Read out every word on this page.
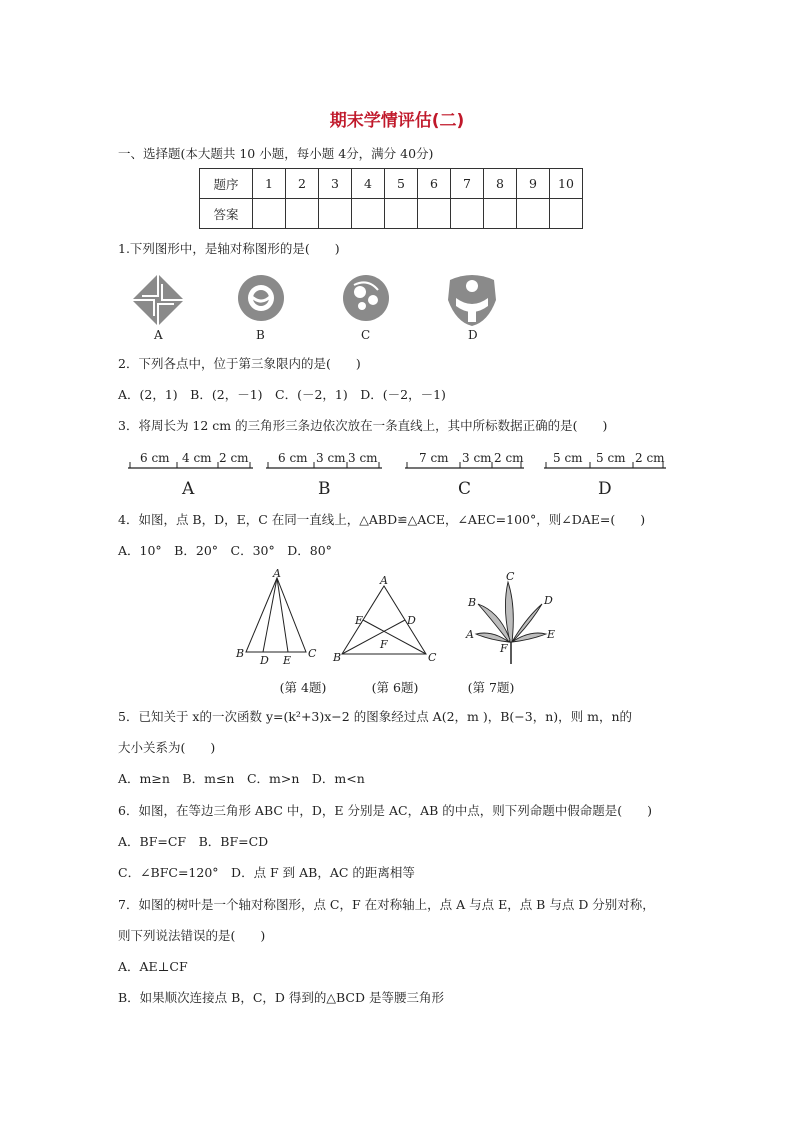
期末学情评估(二)
一、选择题(本大题共 10 小题，每小题 4分，满分 40分)
题序	1	2	3	4	5	6	7	8	9	10
答案										
1.下列图形中，是轴对称图形的是(　　)
A	B	C	D
2．下列各点中，位于第三象限内的是(　　)
A．(2，1)　B．(2，－1)　C．(－2，1)　D．(－2，－1)
3．将周长为 12 cm 的三角形三条边依次放在一条直线上，其中所标数据正确的是(　　)
6 cm 4 cm 2 cm
A
6 cm 3 cm 3 cm
B
7 cm 3 cm 2 cm
C
5 cm 5 cm 2 cm
D
4．如图，点 B，D，E，C 在同一直线上，△ABD≌△ACE，∠AEC=100°，则∠DAE=(　　)
A．10°　B．20°　C．30°　D．80°
A
B
D E
C
A
E	D
F
B	C
C
B	D
A	E
F
(第 4题)	(第 6题)	(第 7题)
5．已知关于 x的一次函数 y=(k²+3)x−2 的图象经过点 A(2，m )，B(−3，n)，则 m，n的
大小关系为(　　)
A．m≥n　B．m≤n　C．m>n　D．m<n
6．如图，在等边三角形 ABC 中，D，E 分别是 AC，AB 的中点，则下列命题中假命题是(　　)
A．BF=CF　B．BF=CD
C．∠BFC=120°　D．点 F 到 AB，AC 的距离相等
7．如图的树叶是一个轴对称图形，点 C，F 在对称轴上，点 A 与点 E，点 B 与点 D 分别对称，
则下列说法错误的是(　　)
A．AE⊥CF
B．如果顺次连接点 B，C，D 得到的△BCD 是等腰三角形
